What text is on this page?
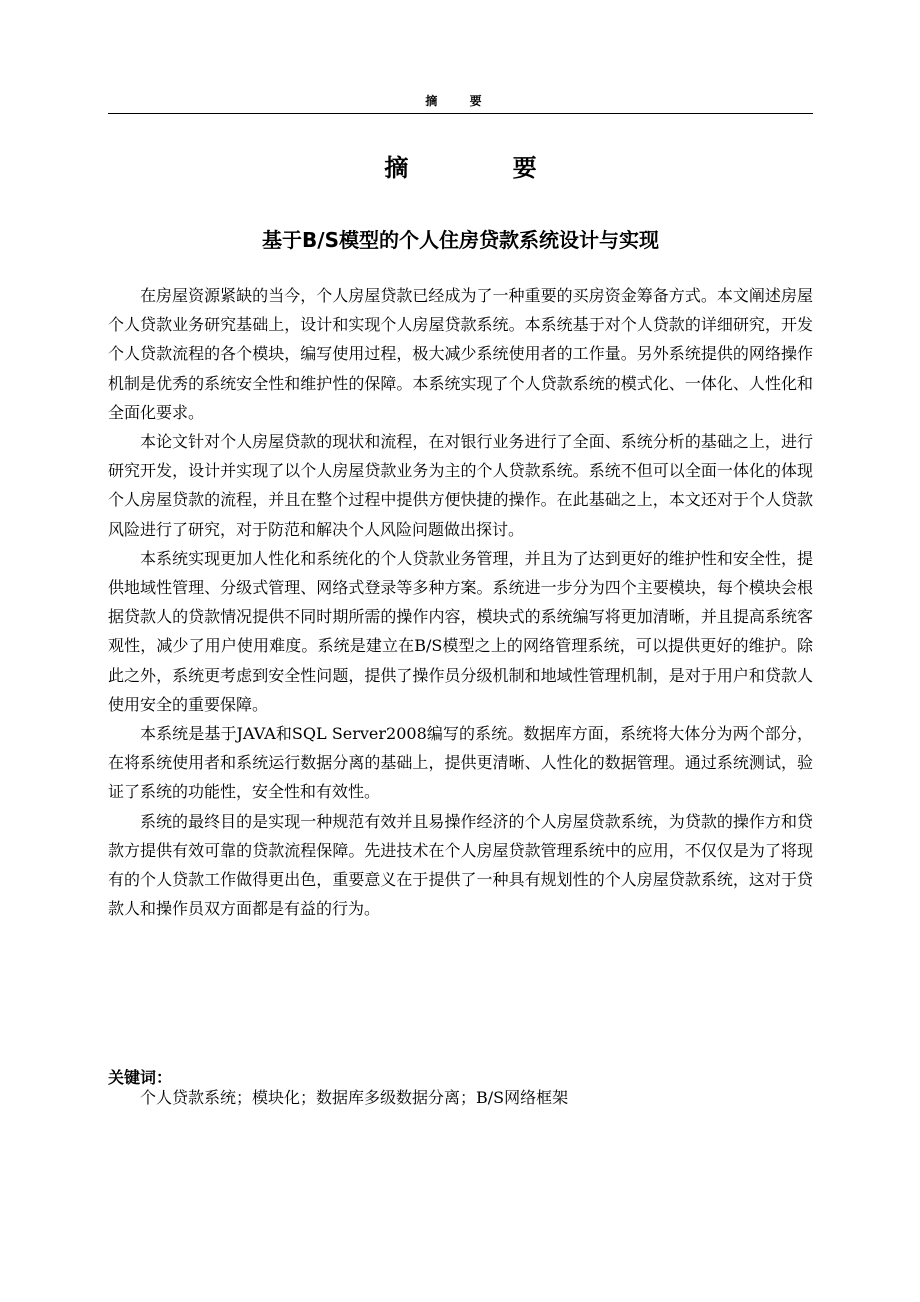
摘 要
摘 要
基于B/S模型的个人住房贷款系统设计与实现

在房屋资源紧缺的当今，个人房屋贷款已经成为了一种重要的买房资金筹备方式。本文阐述房屋个人贷款业务研究基础上，设计和实现个人房屋贷款系统。本系统基于对个人贷款的详细研究，开发个人贷款流程的各个模块，编写使用过程，极大减少系统使用者的工作量。另外系统提供的网络操作机制是优秀的系统安全性和维护性的保障。本系统实现了个人贷款系统的模式化、一体化、人性化和全面化要求。

本论文针对个人房屋贷款的现状和流程，在对银行业务进行了全面、系统分析的基础之上，进行研究开发，设计并实现了以个人房屋贷款业务为主的个人贷款系统。系统不但可以全面一体化的体现个人房屋贷款的流程，并且在整个过程中提供方便快捷的操作。在此基础之上，本文还对于个人贷款风险进行了研究，对于防范和解决个人风险问题做出探讨。

本系统实现更加人性化和系统化的个人贷款业务管理，并且为了达到更好的维护性和安全性，提供地域性管理、分级式管理、网络式登录等多种方案。系统进一步分为四个主要模块，每个模块会根据贷款人的贷款情况提供不同时期所需的操作内容，模块式的系统编写将更加清晰，并且提高系统客观性，减少了用户使用难度。系统是建立在B/S模型之上的网络管理系统，可以提供更好的维护。除此之外，系统更考虑到安全性问题，提供了操作员分级机制和地域性管理机制，是对于用户和贷款人使用安全的重要保障。

本系统是基于JAVA和SQL Server2008编写的系统。数据库方面，系统将大体分为两个部分，在将系统使用者和系统运行数据分离的基础上，提供更清晰、人性化的数据管理。通过系统测试，验证了系统的功能性，安全性和有效性。

系统的最终目的是实现一种规范有效并且易操作经济的个人房屋贷款系统，为贷款的操作方和贷款方提供有效可靠的贷款流程保障。先进技术在个人房屋贷款管理系统中的应用，不仅仅是为了将现有的个人贷款工作做得更出色，重要意义在于提供了一种具有规划性的个人房屋贷款系统，这对于贷款人和操作员双方面都是有益的行为。

关键词：
个人贷款系统；模块化；数据库多级数据分离；B/S网络框架
